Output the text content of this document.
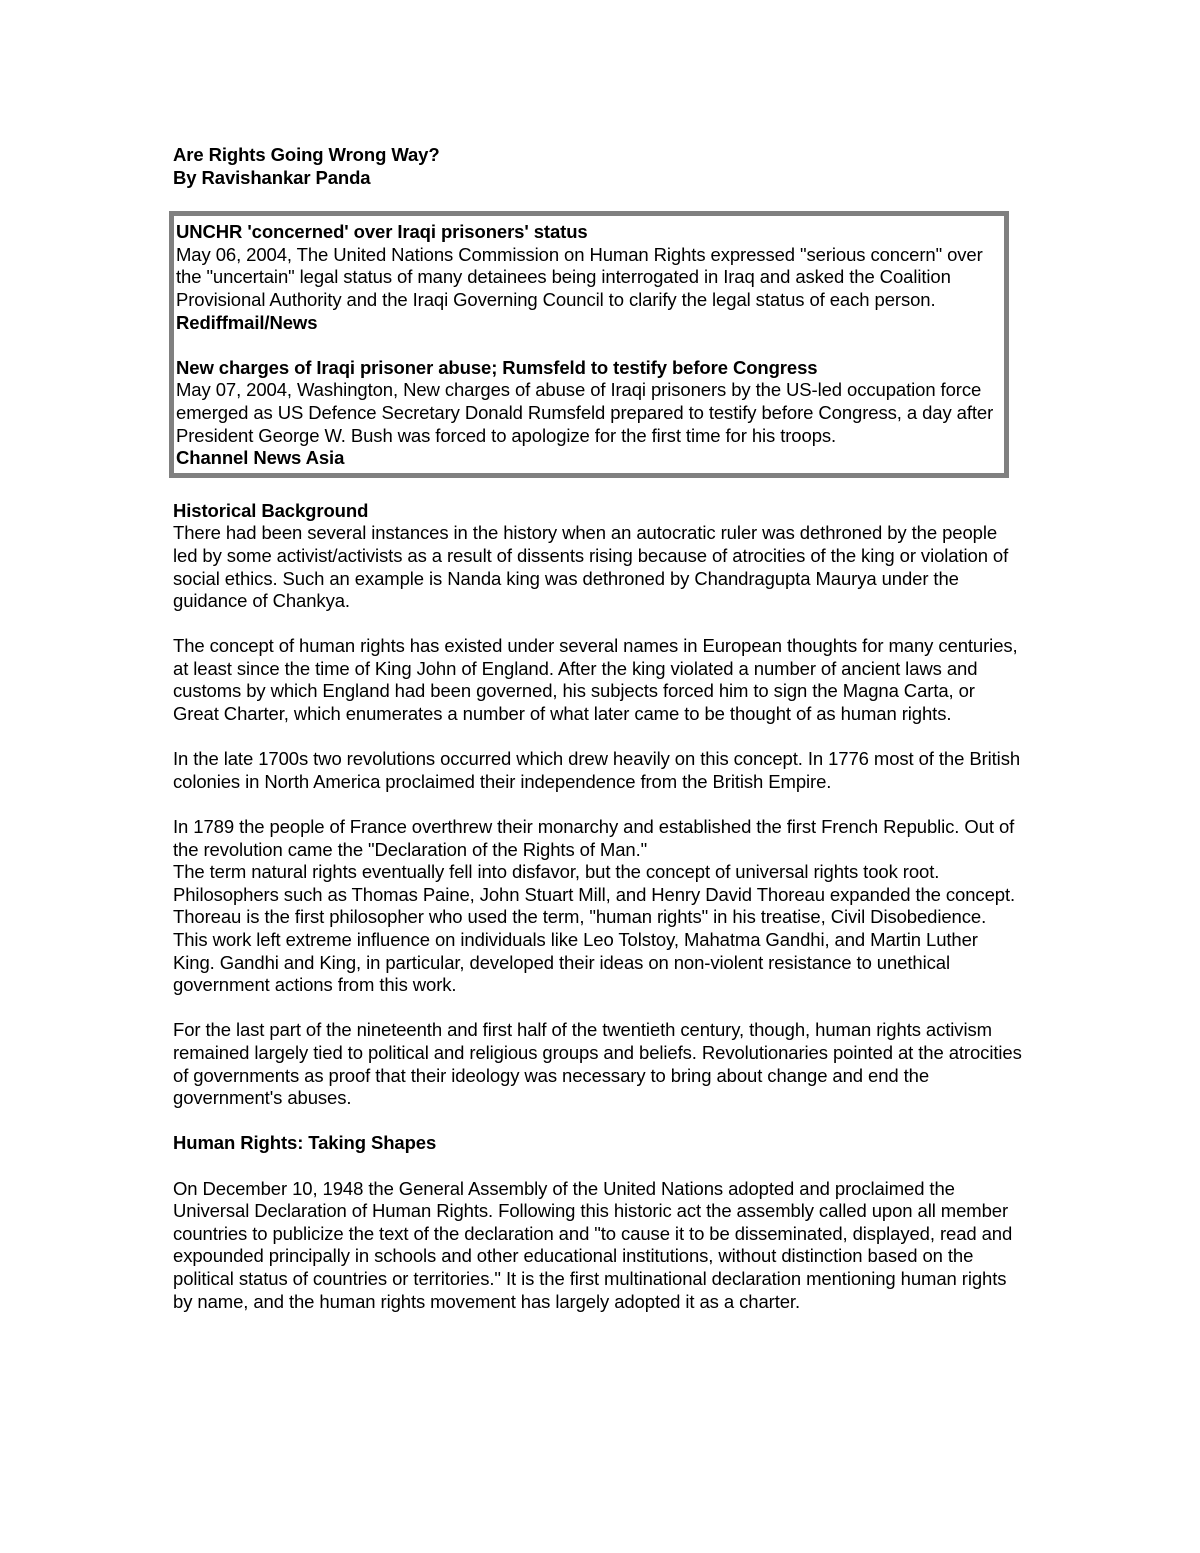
Are Rights Going Wrong Way?
By Ravishankar Panda
UNCHR 'concerned' over Iraqi prisoners' status
May 06, 2004, The United Nations Commission on Human Rights expressed "serious concern" over the "uncertain" legal status of many detainees being interrogated in Iraq and asked the Coalition Provisional Authority and the Iraqi Governing Council to clarify the legal status of each person.
Rediffmail/News
New charges of Iraqi prisoner abuse; Rumsfeld to testify before Congress
May 07, 2004, Washington, New charges of abuse of Iraqi prisoners by the US-led occupation force emerged as US Defence Secretary Donald Rumsfeld prepared to testify before Congress, a day after President George W. Bush was forced to apologize for the first time for his troops.
Channel News Asia
Historical Background

There had been several instances in the history when an autocratic ruler was dethroned by the people led by some activist/activists as a result of dissents rising because of atrocities of the king or violation of social ethics. Such an example is Nanda king was dethroned by Chandragupta Maurya under the guidance of Chankya.

The concept of human rights has existed under several names in European thoughts for many centuries, at least since the time of King John of England. After the king violated a number of ancient laws and customs by which England had been governed, his subjects forced him to sign the Magna Carta, or Great Charter, which enumerates a number of what later came to be thought of as human rights.

In the late 1700s two revolutions occurred which drew heavily on this concept. In 1776 most of the British colonies in North America proclaimed their independence from the British Empire.

In 1789 the people of France overthrew their monarchy and established the first French Republic. Out of the revolution came the "Declaration of the Rights of Man."

The term natural rights eventually fell into disfavor, but the concept of universal rights took root. Philosophers such as Thomas Paine, John Stuart Mill, and Henry David Thoreau expanded the concept. Thoreau is the first philosopher who used the term, "human rights" in his treatise, Civil Disobedience. This work left extreme influence on individuals like Leo Tolstoy, Mahatma Gandhi, and Martin Luther King. Gandhi and King, in particular, developed their ideas on non-violent resistance to unethical government actions from this work.

For the last part of the nineteenth and first half of the twentieth century, though, human rights activism remained largely tied to political and religious groups and beliefs. Revolutionaries pointed at the atrocities of governments as proof that their ideology was necessary to bring about change and end the government's abuses.

Human Rights: Taking Shapes

On December 10, 1948 the General Assembly of the United Nations adopted and proclaimed the Universal Declaration of Human Rights. Following this historic act the assembly called upon all member countries to publicize the text of the declaration and "to cause it to be disseminated, displayed, read and expounded principally in schools and other educational institutions, without distinction based on the political status of countries or territories." It is the first multinational declaration mentioning human rights by name, and the human rights movement has largely adopted it as a charter.
